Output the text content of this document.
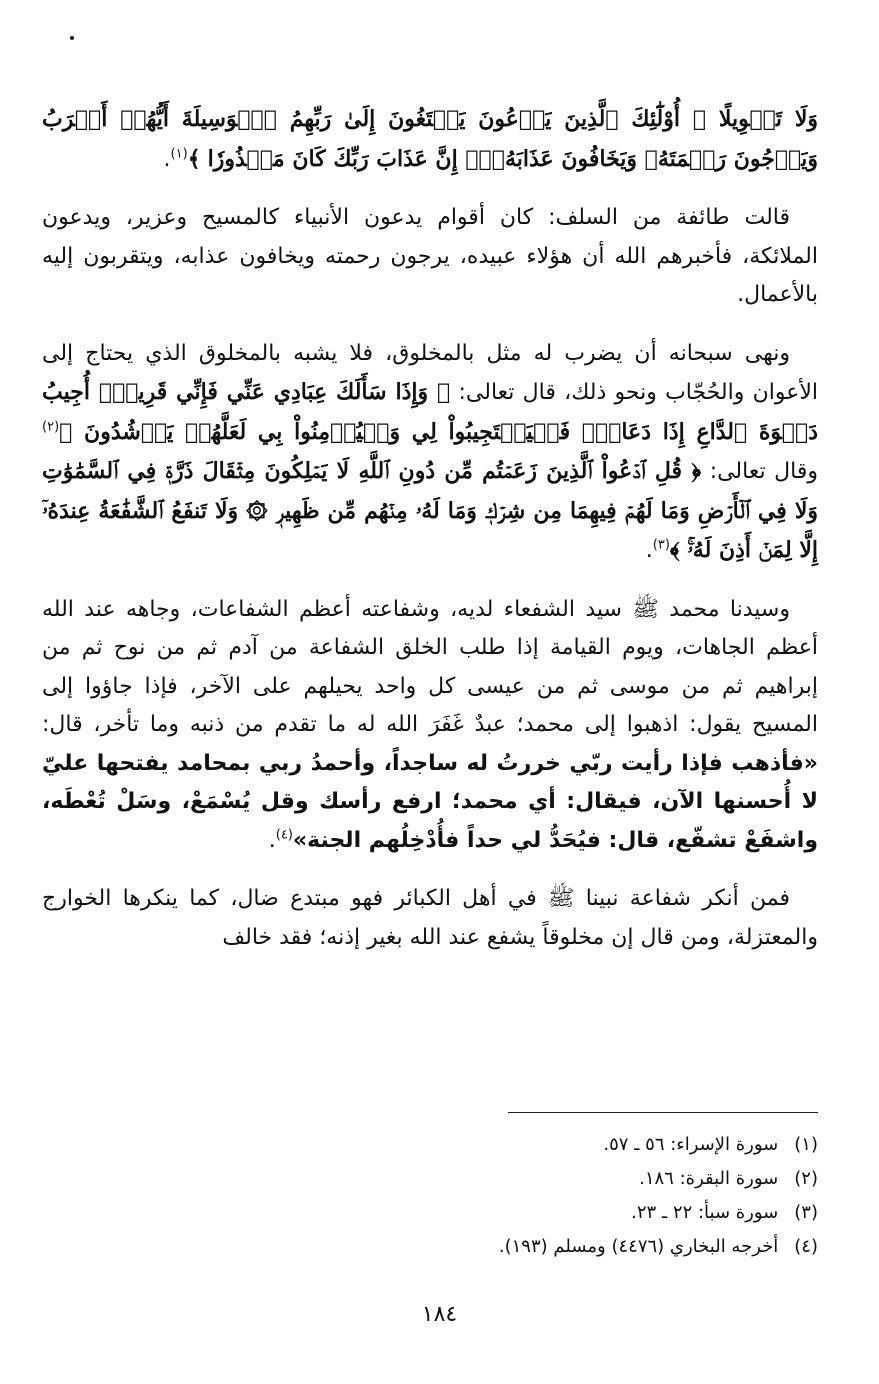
وَلَا تَحۡوِيلًا ۞ أُوْلَٰٓئِكَ ٱلَّذِينَ يَدۡعُونَ يَبۡتَغُونَ إِلَىٰ رَبِّهِمُ ٱلۡوَسِيلَةَ أَيُّهُمۡ أَقۡرَبُ وَيَرۡجُونَ رَحۡمَتَهُۥ وَيَخَافُونَ عَذَابَهُۥٓۚ إِنَّ عَذَابَ رَبِّكَ كَانَ مَحۡذُورٗا ﴾$^{(١)}$.

قالت طائفة من السلف: كان أقوام يدعون الأنبياء كالمسيح وعزير، ويدعون الملائكة، فأخبرهم الله أن هؤلاء عبيده، يرجون رحمته ويخافون عذابه، ويتقربون إليه بالأعمال.

ونهى سبحانه أن يضرب له مثل بالمخلوق، فلا يشبه بالمخلوق الذي يحتاج إلى الأعوان والحُجّاب ونحو ذلك، قال تعالى: ﴿ وَإِذَا سَأَلَكَ عِبَادِي عَنِّي فَإِنِّي قَرِيبٌۖ أُجِيبُ دَعۡوَةَ ٱلدَّاعِ إِذَا دَعَانِۖ فَلۡيَسۡتَجِيبُواْ لِي وَلۡيُؤۡمِنُواْ بِي لَعَلَّهُمۡ يَرۡشُدُونَ ﴾$^{(٢)}$ وقال تعالى: ﴿ قُلِ ٱدۡعُواْ ٱلَّذِينَ زَعَمۡتُم مِّن دُونِ ٱللَّهِ لَا يَمۡلِكُونَ مِثۡقَالَ ذَرَّةٖ فِي ٱلسَّمَٰوَٰتِ وَلَا فِي ٱلۡأَرۡضِ وَمَا لَهُمۡ فِيهِمَا مِن شِرۡكٖ وَمَا لَهُۥ مِنۡهُم مِّن ظَهِيرٖ ۞ وَلَا تَنفَعُ ٱلشَّفَٰعَةُ عِندَهُۥٓ إِلَّا لِمَنۡ أَذِنَ لَهُۥۚ ﴾$^{(٣)}$.

وسيدنا محمد ﷺ سيد الشفعاء لديه، وشفاعته أعظم الشفاعات، وجاهه عند الله أعظم الجاهات، ويوم القيامة إذا طلب الخلق الشفاعة من آدم ثم من نوح ثم من إبراهيم ثم من موسى ثم من عيسى كل واحد يحيلهم على الآخر، فإذا جاؤوا إلى المسيح يقول: اذهبوا إلى محمد؛ عبدٌ غَفَرَ الله له ما تقدم من ذنبه وما تأخر، قال: «فأذهب فإذا رأيت ربّي خررتُ له ساجداً، وأحمدُ ربي بمحامد يفتحها عليّ لا أُحسنها الآن، فيقال: أي محمد؛ ارفع رأسك وقل يُسْمَعْ، وسَلْ تُعْطَه، واشفَعْ تشفّع، قال: فيُحَدُّ لي حداً فأُدْخِلُهم الجنة»$^{(٤)}$.

فمن أنكر شفاعة نبينا ﷺ في أهل الكبائر فهو مبتدع ضال، كما ينكرها الخوارج والمعتزلة، ومن قال إن مخلوقاً يشفع عند الله بغير إذنه؛ فقد خالف

(١) سورة الإسراء: ٥٦ ـ ٥٧.

(٢) سورة البقرة: ١٨٦.

(٣) سورة سبأ: ٢٢ ـ ٢٣.

(٤) أخرجه البخاري (٤٤٧٦) ومسلم (١٩٣).

١٨٤
